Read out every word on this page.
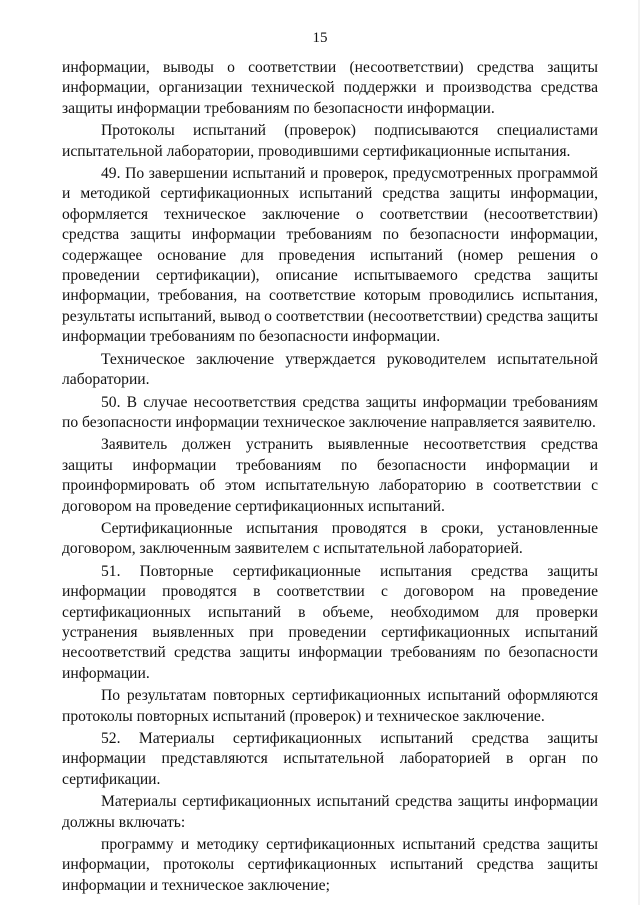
15

информации, выводы о соответствии (несоответствии) средства защиты информации, организации технической поддержки и производства средства защиты информации требованиям по безопасности информации.

Протоколы испытаний (проверок) подписываются специалистами испытательной лаборатории, проводившими сертификационные испытания.

49. По завершении испытаний и проверок, предусмотренных программой и методикой сертификационных испытаний средства защиты информации, оформляется техническое заключение о соответствии (несоответствии) средства защиты информации требованиям по безопасности информации, содержащее основание для проведения испытаний (номер решения о проведении сертификации), описание испытываемого средства защиты информации, требования, на соответствие которым проводились испытания, результаты испытаний, вывод о соответствии (несоответствии) средства защиты информации требованиям по безопасности информации.

Техническое заключение утверждается руководителем испытательной лаборатории.

50. В случае несоответствия средства защиты информации требованиям по безопасности информации техническое заключение направляется заявителю.

Заявитель должен устранить выявленные несоответствия средства защиты информации требованиям по безопасности информации и проинформировать об этом испытательную лабораторию в соответствии с договором на проведение сертификационных испытаний.

Сертификационные испытания проводятся в сроки, установленные договором, заключенным заявителем с испытательной лабораторией.

51. Повторные сертификационные испытания средства защиты информации проводятся в соответствии с договором на проведение сертификационных испытаний в объеме, необходимом для проверки устранения выявленных при проведении сертификационных испытаний несоответствий средства защиты информации требованиям по безопасности информации.

По результатам повторных сертификационных испытаний оформляются протоколы повторных испытаний (проверок) и техническое заключение.

52. Материалы сертификационных испытаний средства защиты информации представляются испытательной лабораторией в орган по сертификации.

Материалы сертификационных испытаний средства защиты информации должны включать:

программу и методику сертификационных испытаний средства защиты информации, протоколы сертификационных испытаний средства защиты информации и техническое заключение;
